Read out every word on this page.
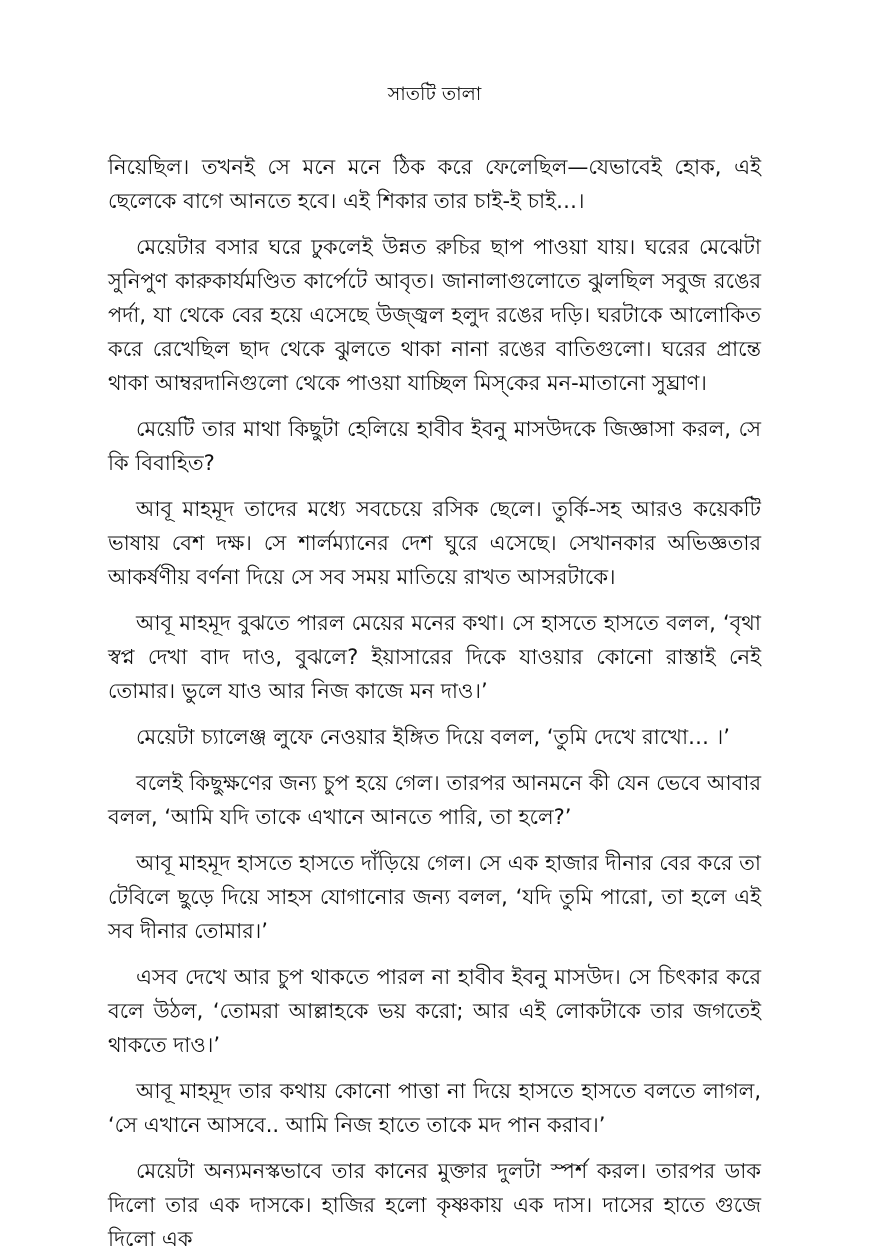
সাতটি তালা

নিয়েছিল। তখনই সে মনে মনে ঠিক করে ফেলেছিল—যেভাবেই হোক, এই ছেলেকে বাগে আনতে হবে। এই শিকার তার চাই-ই চাই…।

মেয়েটার বসার ঘরে ঢুকলেই উন্নত রুচির ছাপ পাওয়া যায়। ঘরের মেঝেটা সুনিপুণ কারুকার্যমণ্ডিত কার্পেটে আবৃত। জানালাগুলোতে ঝুলছিল সবুজ রঙের পর্দা, যা থেকে বের হয়ে এসেছে উজ্জ্বল হলুদ রঙের দড়ি। ঘরটাকে আলোকিত করে রেখেছিল ছাদ থেকে ঝুলতে থাকা নানা রঙের বাতিগুলো। ঘরের প্রান্তে থাকা আম্বরদানিগুলো থেকে পাওয়া যাচ্ছিল মিস্‌কের মন-মাতানো সুঘ্রাণ।

মেয়েটি তার মাথা কিছুটা হেলিয়ে হাবীব ইবনু মাসউদকে জিজ্ঞাসা করল, সে কি বিবাহিত?

আবূ মাহমূদ তাদের মধ্যে সবচেয়ে রসিক ছেলে। তুর্কি-সহ আরও কয়েকটি ভাষায় বেশ দক্ষ। সে শার্লম্যানের দেশ ঘুরে এসেছে। সেখানকার অভিজ্ঞতার আকর্ষণীয় বর্ণনা দিয়ে সে সব সময় মাতিয়ে রাখত আসরটাকে।

আবূ মাহমূদ বুঝতে পারল মেয়ের মনের কথা। সে হাসতে হাসতে বলল, ‘বৃথা স্বপ্ন দেখা বাদ দাও, বুঝলে? ইয়াসারের দিকে যাওয়ার কোনো রাস্তাই নেই তোমার। ভুলে যাও আর নিজ কাজে মন দাও।’

মেয়েটা চ্যালেঞ্জ লুফে নেওয়ার ইঙ্গিত দিয়ে বলল, ‘তুমি দেখে রাখো… ।’

বলেই কিছুক্ষণের জন্য চুপ হয়ে গেল। তারপর আনমনে কী যেন ভেবে আবার বলল, ‘আমি যদি তাকে এখানে আনতে পারি, তা হলে?’

আবূ মাহমূদ হাসতে হাসতে দাঁড়িয়ে গেল। সে এক হাজার দীনার বের করে তা টেবিলে ছুড়ে দিয়ে সাহস যোগানোর জন্য বলল, ‘যদি তুমি পারো, তা হলে এই সব দীনার তোমার।’

এসব দেখে আর চুপ থাকতে পারল না হাবীব ইবনু মাসউদ। সে চিৎকার করে বলে উঠল, ‘তোমরা আল্লাহকে ভয় করো; আর এই লোকটাকে তার জগতেই থাকতে দাও।’

আবূ মাহমূদ তার কথায় কোনো পাত্তা না দিয়ে হাসতে হাসতে বলতে লাগল, ‘সে এখানে আসবে.. আমি নিজ হাতে তাকে মদ পান করাব।’

মেয়েটা অন্যমনস্কভাবে তার কানের মুক্তার দুলটা স্পর্শ করল। তারপর ডাক দিলো তার এক দাসকে। হাজির হলো কৃষ্ণকায় এক দাস। দাসের হাতে গুজে দিলো এক
